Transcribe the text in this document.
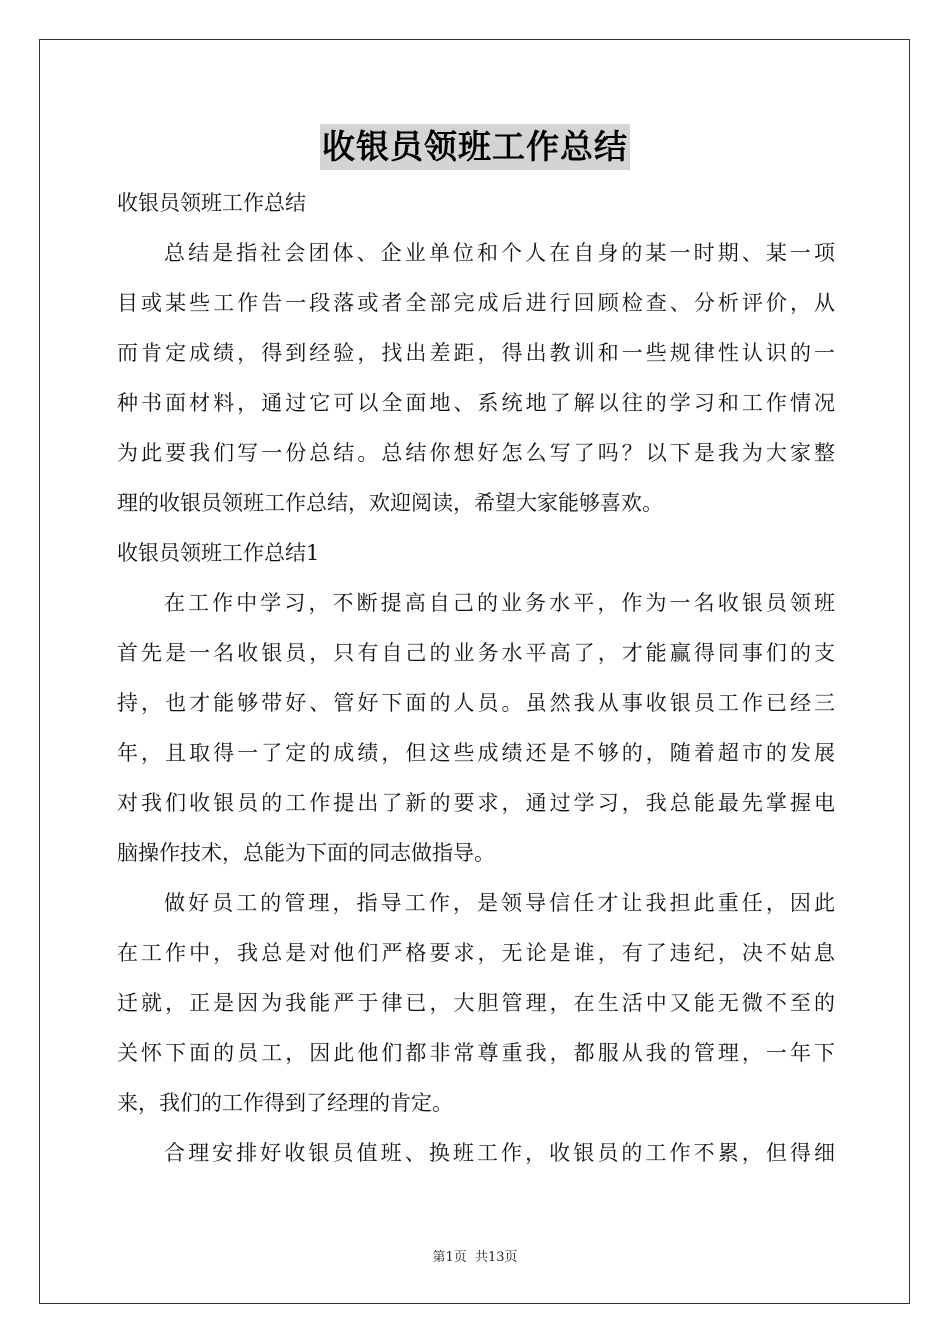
收银员领班工作总结
收银员领班工作总结
总结是指社会团体、企业单位和个人在自身的某一时期、某一项
目或某些工作告一段落或者全部完成后进行回顾检查、分析评价，从
而肯定成绩，得到经验，找出差距，得出教训和一些规律性认识的一
种书面材料，通过它可以全面地、系统地了解以往的学习和工作情况
为此要我们写一份总结。总结你想好怎么写了吗？以下是我为大家整
理的收银员领班工作总结，欢迎阅读，希望大家能够喜欢。
收银员领班工作总结1
在工作中学习，不断提高自己的业务水平，作为一名收银员领班
首先是一名收银员，只有自己的业务水平高了，才能赢得同事们的支
持，也才能够带好、管好下面的人员。虽然我从事收银员工作已经三
年，且取得一了定的成绩，但这些成绩还是不够的，随着超市的发展
对我们收银员的工作提出了新的要求，通过学习，我总能最先掌握电
脑操作技术，总能为下面的同志做指导。
做好员工的管理，指导工作，是领导信任才让我担此重任，因此
在工作中，我总是对他们严格要求，无论是谁，有了违纪，决不姑息
迁就，正是因为我能严于律已，大胆管理，在生活中又能无微不至的
关怀下面的员工，因此他们都非常尊重我，都服从我的管理，一年下
来，我们的工作得到了经理的肯定。
合理安排好收银员值班、换班工作，收银员的工作不累，但得细
第1页 共13页
